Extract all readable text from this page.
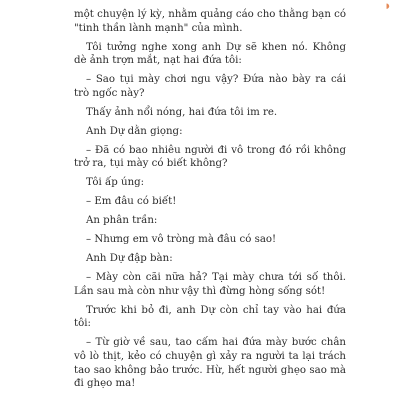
◗

một chuyện lý kỳ, nhằm quảng cáo cho thằng bạn có "tinh thần lành mạnh" của mình.

Tôi tưởng nghe xong anh Dự sẽ khen nó. Không dè ảnh trợn mắt, nạt hai đứa tôi:

– Sao tụi mày chơi ngu vậy? Đứa nào bày ra cái trò ngốc này?

Thấy ảnh nổi nóng, hai đứa tôi im re.

Anh Dự dằn giọng:

– Đã có bao nhiêu người đi vô trong đó rồi không trở ra, tụi mày có biết không?

Tôi ấp úng:

– Em đâu có biết!

An phân trần:

– Nhưng em vô tròng mà đâu có sao!

Anh Dự đập bàn:

– Mày còn cãi nữa hả? Tại mày chưa tới số thôi. Lần sau mà còn như vậy thì đừng hòng sống sót!

Trước khi bỏ đi, anh Dự còn chỉ tay vào hai đứa tôi:

– Từ giờ về sau, tao cấm hai đứa mày bước chân vô lò thịt, kẻo có chuyện gì xảy ra người ta lại trách tao sao không bảo trước. Hừ, hết người ghẹo sao mà đi ghẹo ma!
